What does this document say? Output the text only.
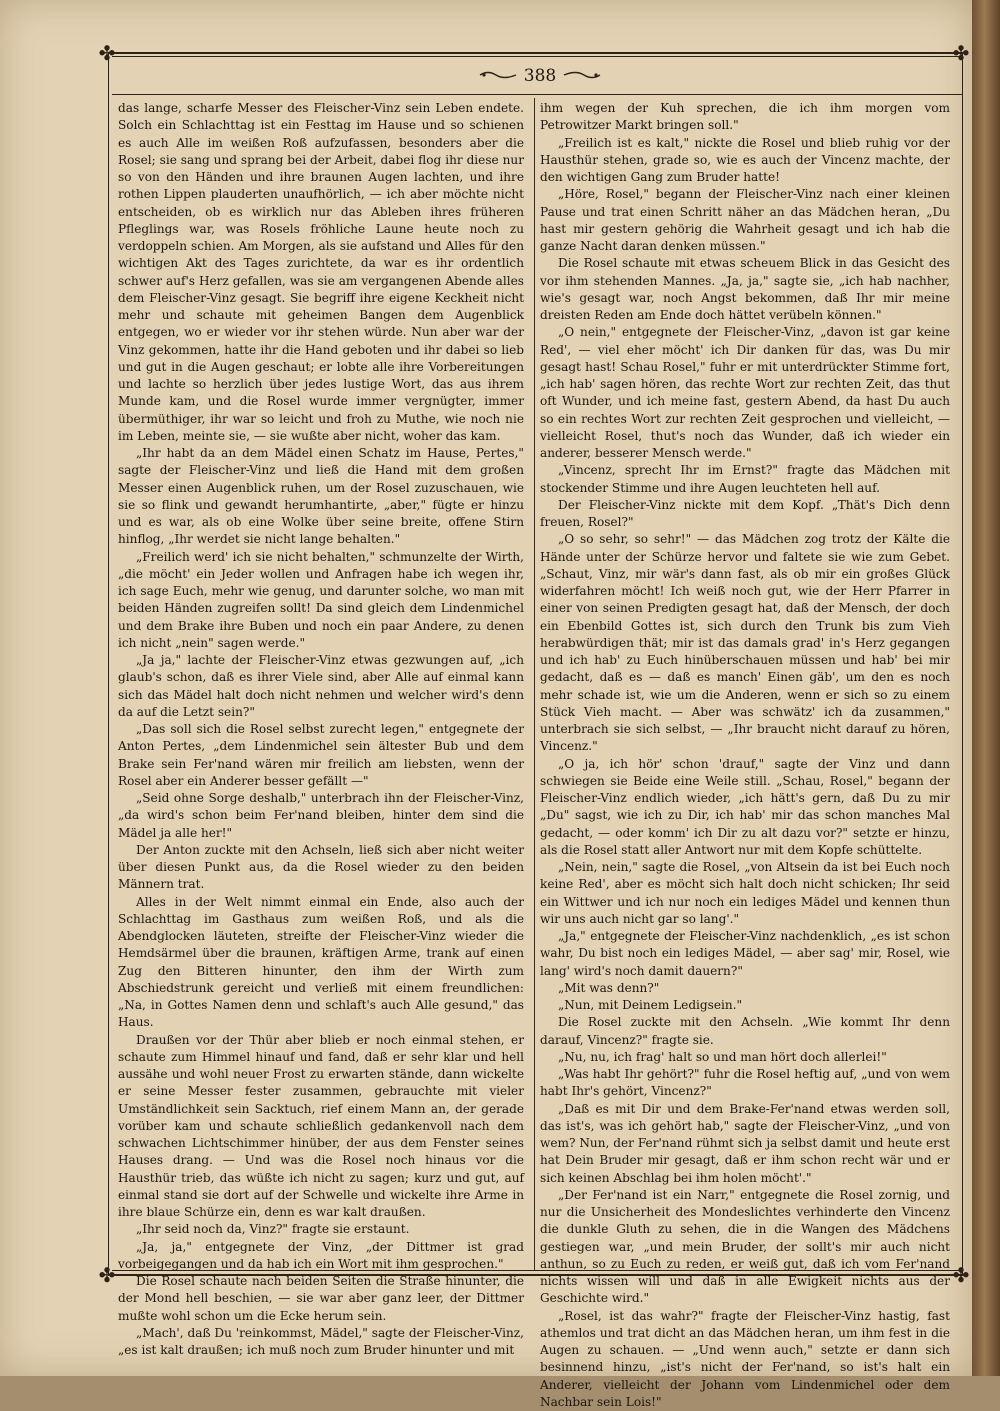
✤	✤
✤	✤
388

das lange, scharfe Messer des Fleischer-Vinz sein Leben endete. Solch ein Schlachttag ist ein Festtag im Hause und so schienen es auch Alle im weißen Roß aufzufassen, besonders aber die Rosel; sie sang und sprang bei der Arbeit, dabei flog ihr diese nur so von den Händen und ihre braunen Augen lachten, und ihre rothen Lippen plauderten unaufhörlich, — ich aber möchte nicht entscheiden, ob es wirklich nur das Ableben ihres früheren Pfleglings war, was Rosels fröhliche Laune heute noch zu verdoppeln schien. Am Morgen, als sie aufstand und Alles für den wichtigen Akt des Tages zurichtete, da war es ihr ordentlich schwer auf's Herz gefallen, was sie am vergangenen Abende alles dem Fleischer-Vinz gesagt. Sie begriff ihre eigene Keckheit nicht mehr und schaute mit geheimen Bangen dem Augenblick entgegen, wo er wieder vor ihr stehen würde. Nun aber war der Vinz gekommen, hatte ihr die Hand geboten und ihr dabei so lieb und gut in die Augen geschaut; er lobte alle ihre Vorbereitungen und lachte so herzlich über jedes lustige Wort, das aus ihrem Munde kam, und die Rosel wurde immer vergnügter, immer übermüthiger, ihr war so leicht und froh zu Muthe, wie noch nie im Leben, meinte sie, — sie wußte aber nicht, woher das kam.

„Ihr habt da an dem Mädel einen Schatz im Hause, Pertes," sagte der Fleischer-Vinz und ließ die Hand mit dem großen Messer einen Augenblick ruhen, um der Rosel zuzuschauen, wie sie so flink und gewandt herumhantirte, „aber," fügte er hinzu und es war, als ob eine Wolke über seine breite, offene Stirn hinflog, „Ihr werdet sie nicht lange behalten."

„Freilich werd' ich sie nicht behalten," schmunzelte der Wirth, „die möcht' ein Jeder wollen und Anfragen habe ich wegen ihr, ich sage Euch, mehr wie genug, und darunter solche, wo man mit beiden Händen zugreifen sollt! Da sind gleich dem Lindenmichel und dem Brake ihre Buben und noch ein paar Andere, zu denen ich nicht „nein" sagen werde."

„Ja ja," lachte der Fleischer-Vinz etwas gezwungen auf, „ich glaub's schon, daß es ihrer Viele sind, aber Alle auf einmal kann sich das Mädel halt doch nicht nehmen und welcher wird's denn da auf die Letzt sein?"

„Das soll sich die Rosel selbst zurecht legen," entgegnete der Anton Pertes, „dem Lindenmichel sein ältester Bub und dem Brake sein Fer'nand wären mir freilich am liebsten, wenn der Rosel aber ein Anderer besser gefällt —"

„Seid ohne Sorge deshalb," unterbrach ihn der Fleischer-Vinz, „da wird's schon beim Fer'nand bleiben, hinter dem sind die Mädel ja alle her!"

Der Anton zuckte mit den Achseln, ließ sich aber nicht weiter über diesen Punkt aus, da die Rosel wieder zu den beiden Männern trat.

Alles in der Welt nimmt einmal ein Ende, also auch der Schlachttag im Gasthaus zum weißen Roß, und als die Abendglocken läuteten, streifte der Fleischer-Vinz wieder die Hemdsärmel über die braunen, kräftigen Arme, trank auf einen Zug den Bitteren hinunter, den ihm der Wirth zum Abschiedstrunk gereicht und verließ mit einem freundlichen: „Na, in Gottes Namen denn und schlaft's auch Alle gesund," das Haus.

Draußen vor der Thür aber blieb er noch einmal stehen, er schaute zum Himmel hinauf und fand, daß er sehr klar und hell aussähe und wohl neuer Frost zu erwarten stände, dann wickelte er seine Messer fester zusammen, gebrauchte mit vieler Umständlichkeit sein Sacktuch, rief einem Mann an, der gerade vorüber kam und schaute schließlich gedankenvoll nach dem schwachen Lichtschimmer hinüber, der aus dem Fenster seines Hauses drang. — Und was die Rosel noch hinaus vor die Hausthür trieb, das wüßte ich nicht zu sagen; kurz und gut, auf einmal stand sie dort auf der Schwelle und wickelte ihre Arme in ihre blaue Schürze ein, denn es war kalt draußen.

„Ihr seid noch da, Vinz?" fragte sie erstaunt.

„Ja, ja," entgegnete der Vinz, „der Dittmer ist grad vorbeigegangen und da hab ich ein Wort mit ihm gesprochen."

Die Rosel schaute nach beiden Seiten die Straße hinunter, die der Mond hell beschien, — sie war aber ganz leer, der Dittmer mußte wohl schon um die Ecke herum sein.

„Mach', daß Du 'reinkommst, Mädel," sagte der Fleischer-Vinz, „es ist kalt draußen; ich muß noch zum Bruder hinunter und mit

ihm wegen der Kuh sprechen, die ich ihm morgen vom Petrowitzer Markt bringen soll."

„Freilich ist es kalt," nickte die Rosel und blieb ruhig vor der Hausthür stehen, grade so, wie es auch der Vincenz machte, der den wichtigen Gang zum Bruder hatte!

„Höre, Rosel," begann der Fleischer-Vinz nach einer kleinen Pause und trat einen Schritt näher an das Mädchen heran, „Du hast mir gestern gehörig die Wahrheit gesagt und ich hab die ganze Nacht daran denken müssen."

Die Rosel schaute mit etwas scheuem Blick in das Gesicht des vor ihm stehenden Mannes. „Ja, ja," sagte sie, „ich hab nachher, wie's gesagt war, noch Angst bekommen, daß Ihr mir meine dreisten Reden am Ende doch hättet verübeln können."

„O nein," entgegnete der Fleischer-Vinz, „davon ist gar keine Red', — viel eher möcht' ich Dir danken für das, was Du mir gesagt hast! Schau Rosel," fuhr er mit unterdrückter Stimme fort, „ich hab' sagen hören, das rechte Wort zur rechten Zeit, das thut oft Wunder, und ich meine fast, gestern Abend, da hast Du auch so ein rechtes Wort zur rechten Zeit gesprochen und vielleicht, — vielleicht Rosel, thut's noch das Wunder, daß ich wieder ein anderer, besserer Mensch werde."

„Vincenz, sprecht Ihr im Ernst?" fragte das Mädchen mit stockender Stimme und ihre Augen leuchteten hell auf.

Der Fleischer-Vinz nickte mit dem Kopf. „Thät's Dich denn freuen, Rosel?"

„O so sehr, so sehr!" — das Mädchen zog trotz der Kälte die Hände unter der Schürze hervor und faltete sie wie zum Gebet. „Schaut, Vinz, mir wär's dann fast, als ob mir ein großes Glück widerfahren möcht! Ich weiß noch gut, wie der Herr Pfarrer in einer von seinen Predigten gesagt hat, daß der Mensch, der doch ein Ebenbild Gottes ist, sich durch den Trunk bis zum Vieh herabwürdigen thät; mir ist das damals grad' in's Herz gegangen und ich hab' zu Euch hinüberschauen müssen und hab' bei mir gedacht, daß es — daß es manch' Einen gäb', um den es noch mehr schade ist, wie um die Anderen, wenn er sich so zu einem Stück Vieh macht. — Aber was schwätz' ich da zusammen," unterbrach sie sich selbst, — „Ihr braucht nicht darauf zu hören, Vincenz."

„O ja, ich hör' schon 'drauf," sagte der Vinz und dann schwiegen sie Beide eine Weile still. „Schau, Rosel," begann der Fleischer-Vinz endlich wieder, „ich hätt's gern, daß Du zu mir „Du" sagst, wie ich zu Dir, ich hab' mir das schon manches Mal gedacht, — oder komm' ich Dir zu alt dazu vor?" setzte er hinzu, als die Rosel statt aller Antwort nur mit dem Kopfe schüttelte.

„Nein, nein," sagte die Rosel, „von Altsein da ist bei Euch noch keine Red', aber es möcht sich halt doch nicht schicken; Ihr seid ein Wittwer und ich nur noch ein lediges Mädel und kennen thun wir uns auch nicht gar so lang'."

„Ja," entgegnete der Fleischer-Vinz nachdenklich, „es ist schon wahr, Du bist noch ein lediges Mädel, — aber sag' mir, Rosel, wie lang' wird's noch damit dauern?"

„Mit was denn?"

„Nun, mit Deinem Ledigsein."

Die Rosel zuckte mit den Achseln. „Wie kommt Ihr denn darauf, Vincenz?" fragte sie.

„Nu, nu, ich frag' halt so und man hört doch allerlei!"

„Was habt Ihr gehört?" fuhr die Rosel heftig auf, „und von wem habt Ihr's gehört, Vincenz?"

„Daß es mit Dir und dem Brake-Fer'nand etwas werden soll, das ist's, was ich gehört hab," sagte der Fleischer-Vinz, „und von wem? Nun, der Fer'nand rühmt sich ja selbst damit und heute erst hat Dein Bruder mir gesagt, daß er ihm schon recht wär und er sich keinen Abschlag bei ihm holen möcht'."

„Der Fer'nand ist ein Narr," entgegnete die Rosel zornig, und nur die Unsicherheit des Mondeslichtes verhinderte den Vincenz die dunkle Gluth zu sehen, die in die Wangen des Mädchens gestiegen war, „und mein Bruder, der sollt's mir auch nicht anthun, so zu Euch zu reden, er weiß gut, daß ich vom Fer'nand nichts wissen will und daß in alle Ewigkeit nichts aus der Geschichte wird."

„Rosel, ist das wahr?" fragte der Fleischer-Vinz hastig, fast athemlos und trat dicht an das Mädchen heran, um ihm fest in die Augen zu schauen. — „Und wenn auch," setzte er dann sich besinnend hinzu, „ist's nicht der Fer'nand, so ist's halt ein Anderer, vielleicht der Johann vom Lindenmichel oder dem Nachbar sein Lois!"
